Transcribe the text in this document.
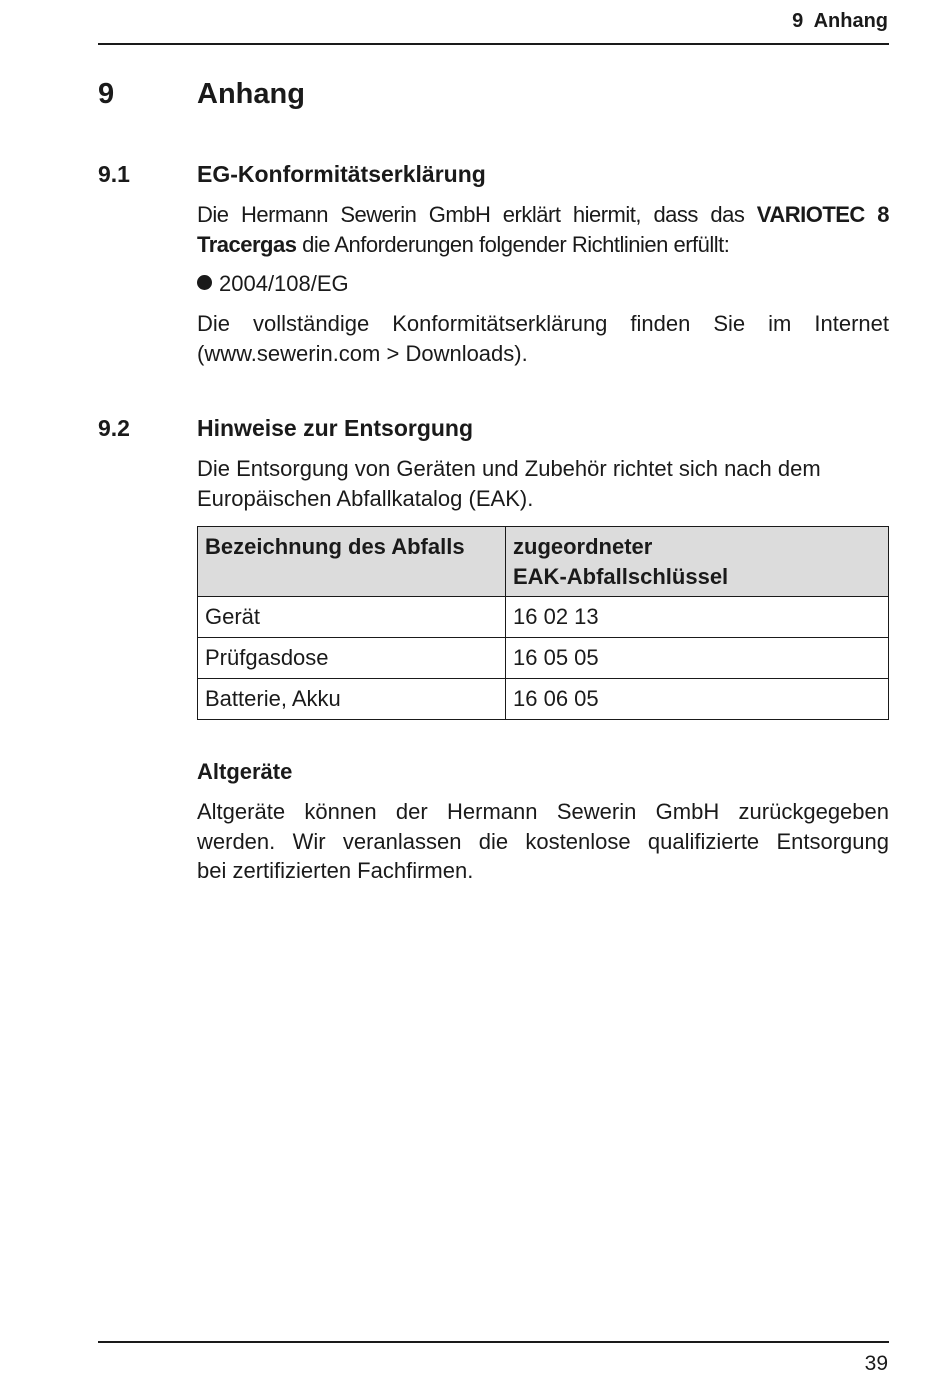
9 Anhang
9	Anhang
9.1	EG-Konformitätserklärung
Die Hermann Sewerin GmbH erklärt hiermit, dass das VARIOTEC 8
Tracergas die Anforderungen folgender Richtlinien erfüllt:
2004/108/EG
Die vollständige Konformitätserklärung finden Sie im Internet
(www.sewerin.com > Downloads).
9.2	Hinweise zur Entsorgung
Die Entsorgung von Geräten und Zubehör richtet sich nach dem
Europäischen Abfallkatalog (EAK).
Bezeichnung des Abfalls	zugeordneter
EAK-Abfallschlüssel

Gerät	16 02 13
Prüfgasdose	16 05 05
Batterie, Akku	16 06 05
Altgeräte
Altgeräte können der Hermann Sewerin GmbH zurückgegeben
werden. Wir veranlassen die kostenlose qualifizierte Entsorgung
bei zertifizierten Fachfirmen.
39
